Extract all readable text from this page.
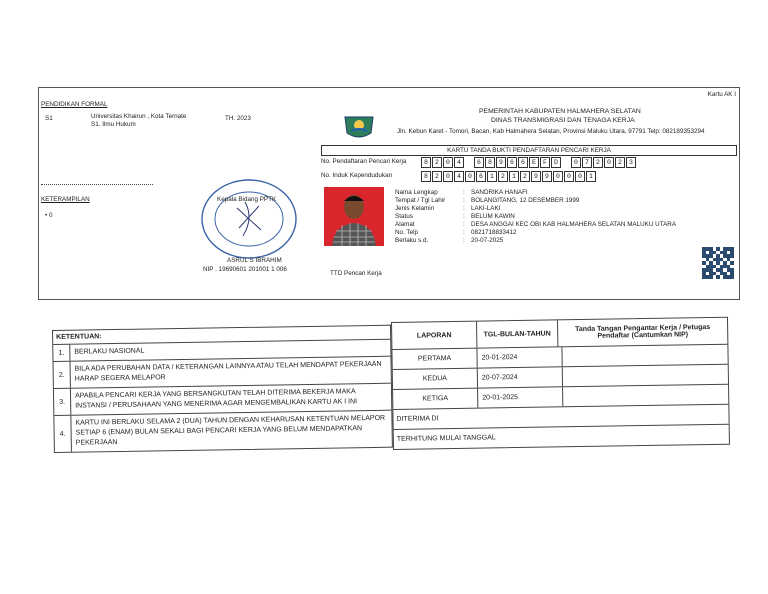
Kartu AK I
PENDIDIKAN FORMAL
S1	Universitas Khairun , Kota Ternate
S1. Ilmu Hukum
TH. 2023
KETERAMPILAN
• 0
Kepala Bidang PPTK
ASRUL S IBRAHIM
NIP . 19690601 201001 1 006
PEMERINTAH KABUPATEN HALMAHERA SELATAN
DINAS TRANSMIGRASI DAN TENAGA KERJA
Jln. Kebun Karet - Tomori, Bacan, Kab Halmahera Selatan, Provinsi Maluku Utara, 97791 Telp: 082189353294
KARTU TANDA BUKTI PENDAFTARAN PENCARI KERJA
No. Pendaftaran Pencari Kerja	8	2	0	4	6	8	9	6	6	E	F	D	0	7	2	0	2	3
No. Induk Kependudukan	8	2	0	4	0	6	1	2	1	2	9	9	0	0	0	1
Nama Lengkap	: SANDRIKA HANAFI
Tempat / Tgl Lahir	: BOLANGITANG, 12 DESEMBER 1999
Jenis Kelamin	: LAKI-LAKI
Status	: BELUM KAWIN
Alamat	: DESA ANGGAI KEC OBI KAB HALMAHERA SELATAN MALUKU UTARA
No. Telp	: 0821718833412
Berlaku s.d.	: 20-07-2025
TTD Pencari Kerja
KETENTUAN:
1.	BERLAKU NASIONAL
2.
BILA ADA PERUBAHAN DATA / KETERANGAN LAINNYA ATAU TELAH MENDAPAT PEKERJAAN HARAP SEGERA MELAPOR
3.
APABILA PENCARI KERJA YANG BERSANGKUTAN TELAH DITERIMA BEKERJA MAKA INSTANSI / PERUSAHAAN YANG MENERIMA AGAR MENGEMBALIKAN KARTU AK I INI
4.
KARTU INI BERLAKU SELAMA 2 (DUA) TAHUN DENGAN KEHARUSAN KETENTUAN MELAPOR SETIAP 6 (ENAM) BULAN SEKALI BAGI PENCARI KERJA YANG BELUM MENDAPATKAN PEKERJAAN
LAPORAN	TGL-BULAN-TAHUN
Tanda Tangan Pengantar Kerja / Petugas Pendaftar (Cantumkan NIP)
PERTAMA	20-01-2024
KEDUA	20-07-2024
KETIGA	20-01-2025
DITERIMA DI
TERHITUNG MULAI TANGGAL
